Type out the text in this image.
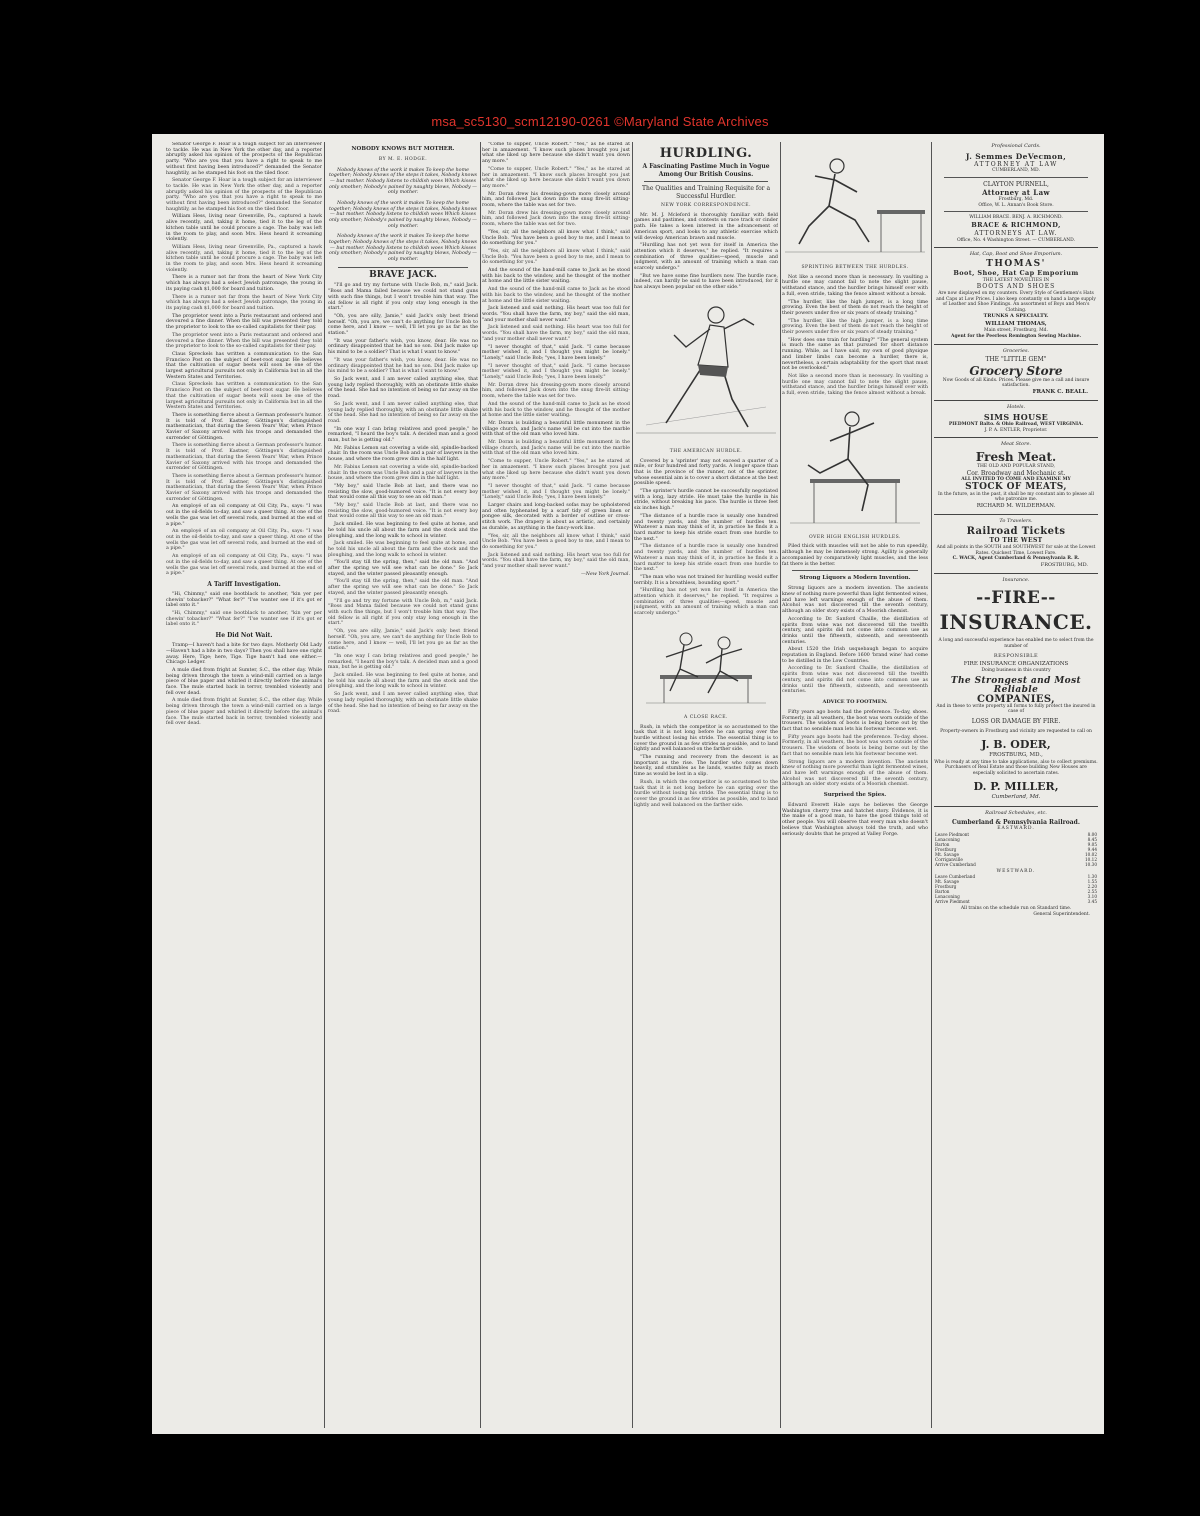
msa_sc5130_scm12190-0261 ©Maryland State Archives

Senator George F. Hoar is a tough subject for an interviewer to tackle. He was in New York the other day, and a reporter abruptly asked his opinion of the prospects of the Republican party. "Who are you that you have a right to speak to me without first having been introduced?" demanded the Senator haughtily, as he stamped his foot on the tiled floor.

Senator George F. Hoar is a tough subject for an interviewer to tackle. He was in New York the other day, and a reporter abruptly asked his opinion of the prospects of the Republican party. "Who are you that you have a right to speak to me without first having been introduced?" demanded the Senator haughtily, as he stamped his foot on the tiled floor.

William Hess, living near Greenville, Pa., captured a hawk alive recently, and, taking it home, tied it to the leg of the kitchen table until he could procure a cage. The baby was left in the room to play, and soon Mrs. Hess heard it screaming violently.

William Hess, living near Greenville, Pa., captured a hawk alive recently, and, taking it home, tied it to the leg of the kitchen table until he could procure a cage. The baby was left in the room to play, and soon Mrs. Hess heard it screaming violently.

There is a rumor not far from the heart of New York City which has always had a select Jewish patronage, the young in its paying cash $1,000 for board and tuition.

There is a rumor not far from the heart of New York City which has always had a select Jewish patronage, the young in its paying cash $1,000 for board and tuition.

The proprietor went into a Paris restaurant and ordered and devoured a fine dinner. When the bill was presented they told the proprietor to look to the so-called capitalists for their pay.

The proprietor went into a Paris restaurant and ordered and devoured a fine dinner. When the bill was presented they told the proprietor to look to the so-called capitalists for their pay.

Claus Spreckels has written a communication to the San Francisco Post on the subject of beet-root sugar. He believes that the cultivation of sugar beets will soon be one of the largest agricultural pursuits not only in California but in all the Western States and Territories.

Claus Spreckels has written a communication to the San Francisco Post on the subject of beet-root sugar. He believes that the cultivation of sugar beets will soon be one of the largest agricultural pursuits not only in California but in all the Western States and Territories.

There is something fierce about a German professor's humor. It is told of Prof. Kastner, Göttingen's distinguished mathematician, that during the Seven Years' War, when Prince Xavier of Saxony arrived with his troops and demanded the surrender of Göttingen.

There is something fierce about a German professor's humor. It is told of Prof. Kastner, Göttingen's distinguished mathematician, that during the Seven Years' War, when Prince Xavier of Saxony arrived with his troops and demanded the surrender of Göttingen.

There is something fierce about a German professor's humor. It is told of Prof. Kastner, Göttingen's distinguished mathematician, that during the Seven Years' War, when Prince Xavier of Saxony arrived with his troops and demanded the surrender of Göttingen.

An employé of an oil company at Oil City, Pa., says: "I was out in the oil-fields to-day, and saw a queer thing. At one of the wells the gas was let off several rods, and burned at the end of a pipe."

An employé of an oil company at Oil City, Pa., says: "I was out in the oil-fields to-day, and saw a queer thing. At one of the wells the gas was let off several rods, and burned at the end of a pipe."

An employé of an oil company at Oil City, Pa., says: "I was out in the oil-fields to-day, and saw a queer thing. At one of the wells the gas was let off several rods, and burned at the end of a pipe."

A Tariff Investigation.

"Hi, Chimmy," said one bootblack to another, "kin yer per chewin' tobacker?" "What fer?" "I'se wanter see if it's got er label onto it."

"Hi, Chimmy," said one bootblack to another, "kin yer per chewin' tobacker?" "What fer?" "I'se wanter see if it's got er label onto it."

He Did Not Wait.

Tramp—I haven't had a bite for two days. Motherly Old Lady—Haven't had a bite in two days? Then you shall have one right away. Here, Tige; here, Tige. Tige hasn't had one either.—Chicago Ledger.

A mule died from fright at Sumter, S.C., the other day. While being driven through the town a wind-mill carried on a large piece of blue paper and whirled it directly before the animal's face. The mule started back in terror, trembled violently and fell over dead.

A mule died from fright at Sumter, S.C., the other day. While being driven through the town a wind-mill carried on a large piece of blue paper and whirled it directly before the animal's face. The mule started back in terror, trembled violently and fell over dead.

NOBODY KNOWS BUT MOTHER.
BY M. E. HODGE.

Nobody knows of the work it makes To keep the home together; Nobody knows of the steps it takes, Nobody knows — but mother. Nobody listens to childish woes Which kisses only smother; Nobody's pained by naughty blows, Nobody — only mother.

Nobody knows of the work it makes To keep the home together; Nobody knows of the steps it takes, Nobody knows — but mother. Nobody listens to childish woes Which kisses only smother; Nobody's pained by naughty blows, Nobody — only mother.

Nobody knows of the work it makes To keep the home together; Nobody knows of the steps it takes, Nobody knows — but mother. Nobody listens to childish woes Which kisses only smother; Nobody's pained by naughty blows, Nobody — only mother.

BRAVE JACK.

"I'll go and try my fortune with Uncle Bob, m," said Jack. "Boss and Mama failed because we could not stand guns with such fine things, but I won't trouble him that way. The old fellow is all right if you only stay long enough in the start."

"Oh, you are silly, Jamie," said Jack's only best friend herself. "Oh, you are, we can't do anything for Uncle Bob to come here, and I know — well, I'll let you go as far as the station."

"It was your father's wish, you know, dear. He was no ordinary disappointed that he had no son. Did Jack make up his mind to be a soldier? That is what I want to know."

"It was your father's wish, you know, dear. He was no ordinary disappointed that he had no son. Did Jack make up his mind to be a soldier? That is what I want to know."

So Jack went, and I am never called anything else, that young lady replied thoroughly, with an obstinate little shake of the head. She had no intention of being so far away on the road.

So Jack went, and I am never called anything else, that young lady replied thoroughly, with an obstinate little shake of the head. She had no intention of being so far away on the road.

"In one way I can bring relatives and good people," he remarked, "I heard the boy's talk. A decided man and a good man, but he is getting old."

Mr. Fabius Lemon sat covering a wide old, spindle-backed chair. In the room was Uncle Bob and a pair of lawyers in the house, and where the room grew dim in the half light.

Mr. Fabius Lemon sat covering a wide old, spindle-backed chair. In the room was Uncle Bob and a pair of lawyers in the house, and where the room grew dim in the half light.

"My boy," said Uncle Bob at last, and there was no resisting the slow, good-humored voice. "It is not every boy that would come all this way to see an old man."

"My boy," said Uncle Bob at last, and there was no resisting the slow, good-humored voice. "It is not every boy that would come all this way to see an old man."

Jack smiled. He was beginning to feel quite at home, and he told his uncle all about the farm and the stock and the ploughing, and the long walk to school in winter.

Jack smiled. He was beginning to feel quite at home, and he told his uncle all about the farm and the stock and the ploughing, and the long walk to school in winter.

"You'll stay till the spring, then," said the old man. "And after the spring we will see what can be done." So Jack stayed, and the winter passed pleasantly enough.

"You'll stay till the spring, then," said the old man. "And after the spring we will see what can be done." So Jack stayed, and the winter passed pleasantly enough.

"I'll go and try my fortune with Uncle Bob, m," said Jack. "Boss and Mama failed because we could not stand guns with such fine things, but I won't trouble him that way. The old fellow is all right if you only stay long enough in the start."

"Oh, you are silly, Jamie," said Jack's only best friend herself. "Oh, you are, we can't do anything for Uncle Bob to come here, and I know — well, I'll let you go as far as the station."

"In one way I can bring relatives and good people," he remarked, "I heard the boy's talk. A decided man and a good man, but he is getting old."

Jack smiled. He was beginning to feel quite at home, and he told his uncle all about the farm and the stock and the ploughing, and the long walk to school in winter.

So Jack went, and I am never called anything else, that young lady replied thoroughly, with an obstinate little shake of the head. She had no intention of being so far away on the road.

"Come to supper, Uncle Robert." "Yes," as he stared at her in amazement. "I know such places brought you just what she liked up here because she didn't want you down any more."

"Come to supper, Uncle Robert." "Yes," as he stared at her in amazement. "I know such places brought you just what she liked up here because she didn't want you down any more."

Mr. Doran drew his dressing-gown more closely around him, and followed Jack down into the snug fire-lit sitting-room, where the table was set for two.

Mr. Doran drew his dressing-gown more closely around him, and followed Jack down into the snug fire-lit sitting-room, where the table was set for two.

"Yes, sir, all the neighbors all know what I think," said Uncle Bob. "You have been a good boy to me, and I mean to do something for you."

"Yes, sir, all the neighbors all know what I think," said Uncle Bob. "You have been a good boy to me, and I mean to do something for you."

And the sound of the hand-mill came to Jack as he stood with his back to the window, and he thought of the mother at home and the little sister waiting.

And the sound of the hand-mill came to Jack as he stood with his back to the window, and he thought of the mother at home and the little sister waiting.

Jack listened and said nothing. His heart was too full for words. "You shall have the farm, my boy," said the old man, "and your mother shall never want."

Jack listened and said nothing. His heart was too full for words. "You shall have the farm, my boy," said the old man, "and your mother shall never want."

"I never thought of that," said Jack. "I came because mother wished it, and I thought you might be lonely." "Lonely," said Uncle Bob; "yes, I have been lonely."

"I never thought of that," said Jack. "I came because mother wished it, and I thought you might be lonely." "Lonely," said Uncle Bob; "yes, I have been lonely."

Mr. Doran drew his dressing-gown more closely around him, and followed Jack down into the snug fire-lit sitting-room, where the table was set for two.

And the sound of the hand-mill came to Jack as he stood with his back to the window, and he thought of the mother at home and the little sister waiting.

Mr. Doran is building a beautiful little monument in the village church, and Jack's name will be cut into the marble with that of the old man who loved him.

Mr. Doran is building a beautiful little monument in the village church, and Jack's name will be cut into the marble with that of the old man who loved him.

"Come to supper, Uncle Robert." "Yes," as he stared at her in amazement. "I know such places brought you just what she liked up here because she didn't want you down any more."

"I never thought of that," said Jack. "I came because mother wished it, and I thought you might be lonely." "Lonely," said Uncle Bob; "yes, I have been lonely."

Larger chairs and long-backed sofas may be upholstered and often hyphenated by a scarf tidy of green linen or pongee silk, decorated with a border of outline or cross-stitch work. The drapery is about as artistic, and certainly as durable, as anything in the fancy-work line.

"Yes, sir, all the neighbors all know what I think," said Uncle Bob. "You have been a good boy to me, and I mean to do something for you."

Jack listened and said nothing. His heart was too full for words. "You shall have the farm, my boy," said the old man, "and your mother shall never want."

—New York Journal.
HURDLING.
A Fascinating Pastime Much in Vogue Among Our British Cousins.
The Qualities and Training Requisite for a Successful Hurdler.
NEW YORK CORRESPONDENCE.

Mr. M. J. Mcleford is thoroughly familiar with field games and pastimes, and contests on race track or cinder path. He takes a keen interest in the advancement of American sport, and looks to any athletic exercise which will develop American brawn and muscle.

"Hurdling has not yet won for itself in America the attention which it deserves," he replied. "It requires a combination of three qualities—speed, muscle and judgment, with an amount of training which a man can scarcely undergo."

"But we have some fine hurdlers now. The hurdle race, indeed, can hardly be said to have been introduced, for it has always been popular on the other side."

THE AMERICAN HURDLE.

Covered by a 'sprinter' may not exceed a quarter of a mile, or four hundred and forty yards. A longer space than that is the province of the runner, not of the sprinter, whose essential aim is to cover a short distance at the best possible speed.

"The sprinter's hurdle cannot be successfully negotiated with a long, lazy stride. He must take the hurdle in his stride, without breaking his pace. The hurdle is three feet six inches high."

"The distance of a hurdle race is usually one hundred and twenty yards, and the number of hurdles ten. Whatever a man may think of it, in practice he finds it a hard matter to keep his stride exact from one hurdle to the next."

"The distance of a hurdle race is usually one hundred and twenty yards, and the number of hurdles ten. Whatever a man may think of it, in practice he finds it a hard matter to keep his stride exact from one hurdle to the next."

"The man who was not trained for hurdling would suffer terribly. It is a breathless, bounding sport."

"Hurdling has not yet won for itself in America the attention which it deserves," he replied. "It requires a combination of three qualities—speed, muscle and judgment, with an amount of training which a man can scarcely undergo."

A CLOSE RACE.

Rush, in which the competitor is so accustomed to the task that it is not long before he can spring over the hurdle without losing his stride. The essential thing is to cover the ground in as few strides as possible, and to land lightly and well balanced on the farther side.

"The running and recovery from the descent is as important as the rise. The hurdler who comes down heavily, and stumbles as he lands, wastes fully as much time as would be lost in a slip.

Rush, in which the competitor is so accustomed to the task that it is not long before he can spring over the hurdle without losing his stride. The essential thing is to cover the ground in as few strides as possible, and to land lightly and well balanced on the farther side.

SPRINTING BETWEEN THE HURDLES.

Not like a second more than is necessary. In vaulting a hurdle one may cannot fail to note the slight pause, withstand stance, and the hurdler brings himself over with a full, even stride, taking the fence almost without a break.

"The hurdler, like the high jumper, is a long time growing. Even the best of them do not reach the height of their powers under five or six years of steady training."

"The hurdler, like the high jumper, is a long time growing. Even the best of them do not reach the height of their powers under five or six years of steady training."

"How does one train for hurdling?" "The general system is much the same as that pursued for short distance running. While, as I have said, my own of good physique and limber limbs can become a hurdler, there is, nevertheless, a certain adaptability for the sport that must not be overlooked."

Not like a second more than is necessary. In vaulting a hurdle one may cannot fail to note the slight pause, withstand stance, and the hurdler brings himself over with a full, even stride, taking the fence almost without a break.

OVER HIGH ENGLISH HURDLES.

Piled thick with muscles will not be able to run speedily, although he may be immensely strong. Agility is generally accompanied by comparatively light muscles, and the less fat there is the better.

Strong Liquors a Modern Invention.

Strong liquors are a modern invention. The ancients knew of nothing more powerful than light fermented wines, and have left warnings enough of the abuse of them. Alcohol was not discovered till the seventh century, although an older story exists of a Moorish chemist.

According to Dr. Sanford Chaille, the distillation of spirits from wine was not discovered till the twelfth century, and spirits did not come into common use as drinks until the fifteenth, sixteenth, and seventeenth centuries.

About 1520 the Irish usquebaugh began to acquire reputation in England. Before 1600 'brand wine' had come to be distilled in the Low Countries.

According to Dr. Sanford Chaille, the distillation of spirits from wine was not discovered till the twelfth century, and spirits did not come into common use as drinks until the fifteenth, sixteenth, and seventeenth centuries.

ADVICE TO FOOTMEN.

Fifty years ago boots had the preference. To-day, shoes. Formerly, in all weathers, the boot was worn outside of the trousers. The wisdom of boots is being borne out by the fact that no sensible man lets his footwear become wet.

Fifty years ago boots had the preference. To-day, shoes. Formerly, in all weathers, the boot was worn outside of the trousers. The wisdom of boots is being borne out by the fact that no sensible man lets his footwear become wet.

Strong liquors are a modern invention. The ancients knew of nothing more powerful than light fermented wines, and have left warnings enough of the abuse of them. Alcohol was not discovered till the seventh century, although an older story exists of a Moorish chemist.

Surprised the Spies.

Edward Everett Hale says he believes the George Washington cherry tree and hatchet story. Evidence, it is the make of a good man, to have the good things told of other people. You will observe that every man who doesn't believe that Washington always told the truth, and who seriously doubts that he prayed at Valley Forge.

Professional Cards.
J. Semmes DeVecmon,
ATTORNEY AT LAW
CUMBERLAND, MD.
CLAYTON PURNELL,
Attorney at Law
Frostburg, Md.
Office, W. L. Annan's Book Store.
WILLIAM BRACE. BENJ. A. RICHMOND.
BRACE & RICHMOND,
ATTORNEYS AT LAW.
Office, No. 4 Washington Street. — CUMBERLAND.
Hat, Cap, Boot and Shoe Emporium.
THOMAS'
Boot, Shoe, Hat Cap Emporium
THE LATEST NOVELTIES IN
BOOTS AND SHOES
Are now displayed on my counters. Every Style of Gentlemen's Hats and Caps at Low Prices. I also keep constantly on hand a large supply of Leather and Shoe Findings. An assortment of Boys and Men's Clothing.
TRUNKS A SPECIALTY.
WILLIAM THOMAS,
Main street, Frostburg, Md.
Agent for the Peerless Remington Sewing Machine.
Groceries.
THE "LITTLE GEM"
Grocery Store
Now Goods of all Kinds. Prices. Please give me a call and insure satisfaction.
FRANK C. BEALL.
Hotels.
SIMS HOUSE
PIEDMONT Balto. & Ohio Railroad, WEST VIRGINIA.
J. P. A. ENTLER, Proprietor.
Meat Store.
Fresh Meat.
THE OLD AND POPULAR STAND,
Cor. Broadway and Mechanic st.
ALL INVITED TO COME AND EXAMINE MY
STOCK OF MEATS,
In the future, as in the past, it shall be my constant aim to please all who patronize me.
RICHARD M. WILDERMAN.
To Travelers.
Railroad Tickets
TO THE WEST
And all points in the SOUTH and SOUTHWEST for sale at the Lowest Rates. Quickest Time, Lowest Fare.
C. WACK, Agent Cumberland & Pennsylvania R. R.
FROSTBURG, MD.
Insurance.
--FIRE--
INSURANCE.
A long and successful experience has enabled me to select from the number of
RESPONSIBLE
FIRE INSURANCE ORGANIZATIONS
Doing business in this country
The Strongest and Most Reliable
COMPANIES,
And in these to write property all forms to fully protect the insured in case of
LOSS OR DAMAGE BY FIRE.
Property-owners in Frostburg and vicinity are requested to call on
J. B. ODER,
FROSTBURG, MD.,
Who is ready at any time to take applications, also to collect premiums. Purchasers of Real Estate and those building New Houses are especially solicited to ascertain rates.
D. P. MILLER,
Cumberland, Md.
Railroad Schedules, etc.
Cumberland & Pennsylvania Railroad.
EASTWARD.
Leave Piedmont	8.00
Lonaconing	8.45
Barton	9.05
Frostburg	9.44
Mt. Savage	10.02
Corriganville	10.12
Arrive Cumberland	10.30
WESTWARD.
Leave Cumberland	1.30
Mt. Savage	1.55
Frostburg	2.20
Barton	2.55
Lonaconing	3.10
Arrive Piedmont	3.45
All trains on the schedule run on Standard time.
General Superintendent.
